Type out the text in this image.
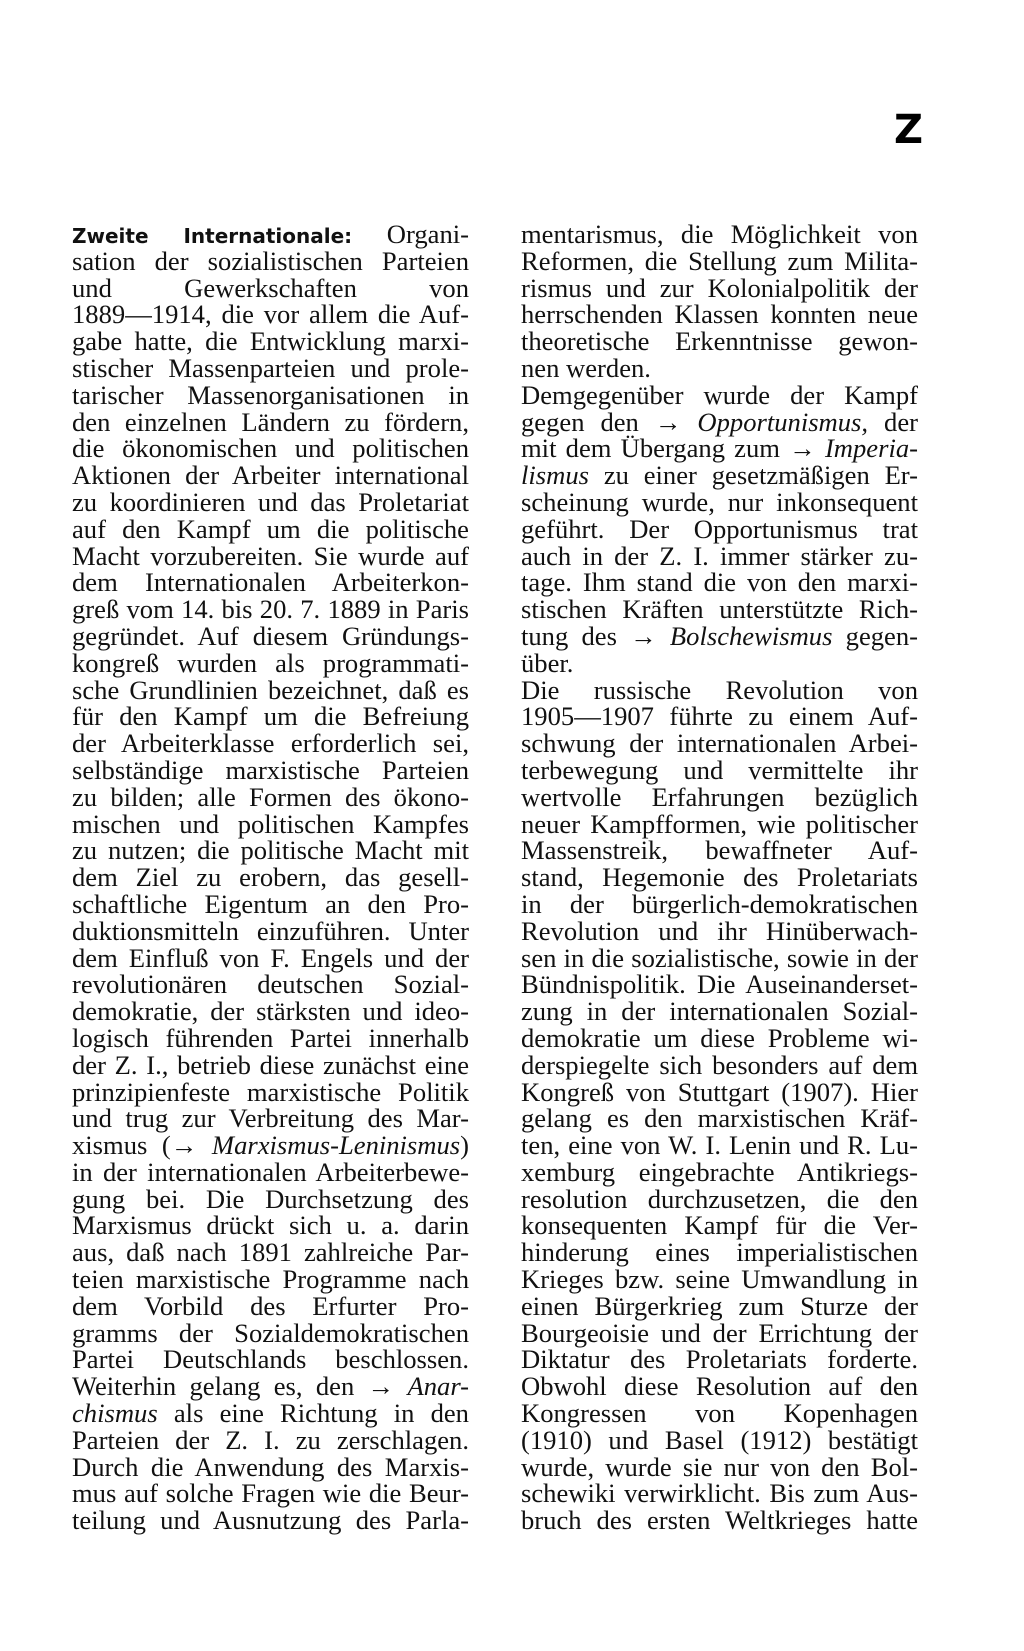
Z
Zweite Internationale: Organi-
sation der sozialistischen Parteien
und Gewerkschaften von
1889—1914, die vor allem die Auf-
gabe hatte, die Entwicklung marxi-
stischer Massenparteien und prole-
tarischer Massenorganisationen in
den einzelnen Ländern zu fördern,
die ökonomischen und politischen
Aktionen der Arbeiter international
zu koordinieren und das Proletariat
auf den Kampf um die politische
Macht vorzubereiten. Sie wurde auf
dem Internationalen Arbeiterkon-
greß vom 14. bis 20. 7. 1889 in Paris
gegründet. Auf diesem Gründungs-
kongreß wurden als programmati-
sche Grundlinien bezeichnet, daß es
für den Kampf um die Befreiung
der Arbeiterklasse erforderlich sei,
selbständige marxistische Parteien
zu bilden; alle Formen des ökono-
mischen und politischen Kampfes
zu nutzen; die politische Macht mit
dem Ziel zu erobern, das gesell-
schaftliche Eigentum an den Pro-
duktionsmitteln einzuführen. Unter
dem Einfluß von F. Engels und der
revolutionären deutschen Sozial-
demokratie, der stärksten und ideo-
logisch führenden Partei innerhalb
der Z. I., betrieb diese zunächst eine
prinzipienfeste marxistische Politik
und trug zur Verbreitung des Mar-
xismus (→ Marxismus-Leninismus)
in der internationalen Arbeiterbewe-
gung bei. Die Durchsetzung des
Marxismus drückt sich u. a. darin
aus, daß nach 1891 zahlreiche Par-
teien marxistische Programme nach
dem Vorbild des Erfurter Pro-
gramms der Sozialdemokratischen
Partei Deutschlands beschlossen.
Weiterhin gelang es, den → Anar-
chismus als eine Richtung in den
Parteien der Z. I. zu zerschlagen.
Durch die Anwendung des Marxis-
mus auf solche Fragen wie die Beur-
teilung und Ausnutzung des Parla-
mentarismus, die Möglichkeit von
Reformen, die Stellung zum Milita-
rismus und zur Kolonialpolitik der
herrschenden Klassen konnten neue
theoretische Erkenntnisse gewon-
nen werden.
Demgegenüber wurde der Kampf
gegen den → Opportunismus, der
mit dem Übergang zum → Imperia-
lismus zu einer gesetzmäßigen Er-
scheinung wurde, nur inkonsequent
geführt. Der Opportunismus trat
auch in der Z. I. immer stärker zu-
tage. Ihm stand die von den marxi-
stischen Kräften unterstützte Rich-
tung des → Bolschewismus gegen-
über.
Die russische Revolution von
1905—1907 führte zu einem Auf-
schwung der internationalen Arbei-
terbewegung und vermittelte ihr
wertvolle Erfahrungen bezüglich
neuer Kampfformen, wie politischer
Massenstreik, bewaffneter Auf-
stand, Hegemonie des Proletariats
in der bürgerlich-demokratischen
Revolution und ihr Hinüberwach-
sen in die sozialistische, sowie in der
Bündnispolitik. Die Auseinanderset-
zung in der internationalen Sozial-
demokratie um diese Probleme wi-
derspiegelte sich besonders auf dem
Kongreß von Stuttgart (1907). Hier
gelang es den marxistischen Kräf-
ten, eine von W. I. Lenin und R. Lu-
xemburg eingebrachte Antikriegs-
resolution durchzusetzen, die den
konsequenten Kampf für die Ver-
hinderung eines imperialistischen
Krieges bzw. seine Umwandlung in
einen Bürgerkrieg zum Sturze der
Bourgeoisie und der Errichtung der
Diktatur des Proletariats forderte.
Obwohl diese Resolution auf den
Kongressen von Kopenhagen
(1910) und Basel (1912) bestätigt
wurde, wurde sie nur von den Bol-
schewiki verwirklicht. Bis zum Aus-
bruch des ersten Weltkrieges hatte
